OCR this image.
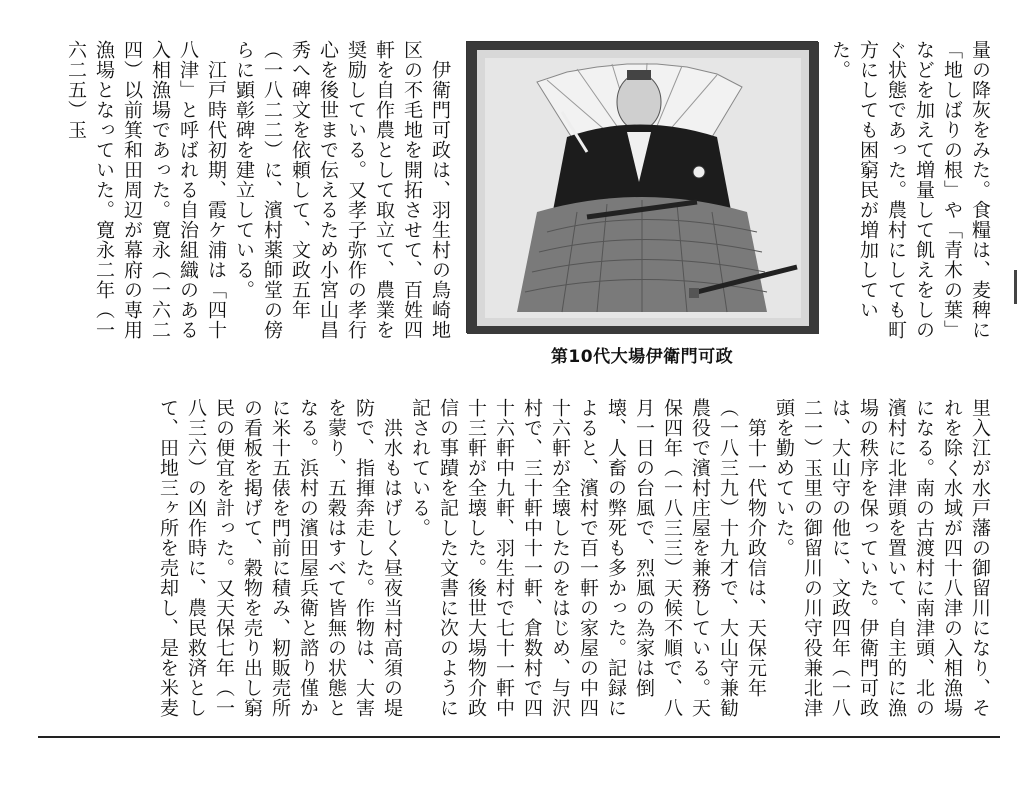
量の降灰をみた。食糧は、麦稗に「地しばりの根」や「青木の葉」などを加えて増量して飢えをしのぐ状態であった。農村にしても町方にしても困窮民が増加していた。
第10代大場伊衛門可政
　伊衛門可政は、羽生村の鳥崎地区の不毛地を開拓させて、百姓四軒を自作農として取立て、農業を奨励している。又孝子弥作の孝行心を後世まで伝えるため小宮山昌秀へ碑文を依頼して、文政五年（一八二二）に、濱村薬師堂の傍らに顕彰碑を建立している。
　江戸時代初期、霞ケ浦は「四十八津」と呼ばれる自治組織のある入相漁場であった。寛永（一六二四）以前箕和田周辺が幕府の専用漁場となっていた。寛永二年（一六二五）玉
里入江が水戸藩の御留川になり、それを除く水域が四十八津の入相漁場になる。南の古渡村に南津頭、北の濱村に北津頭を置いて、自主的に漁場の秩序を保っていた。伊衛門可政は、大山守の他に、文政四年（一八二一）玉里の御留川の川守役兼北津頭を勤めていた。
　第十一代物介政信は、天保元年（一八三九）十九才で、大山守兼勧農役で濱村庄屋を兼務している。天保四年（一八三三）天候不順で、八月一日の台風で、烈風の為家は倒壊、人畜の弊死も多かった。記録によると、濱村で百一軒の家屋の中四十六軒が全壊したのをはじめ、与沢村で、三十軒中十一軒、倉数村で四十六軒中九軒、羽生村で七十一軒中十三軒が全壊した。後世大場物介政信の事蹟を記した文書に次のように記されている。
　洪水もはげしく昼夜当村高須の堤防で、指揮奔走した。作物は、大害を蒙り、五穀はすべて皆無の状態となる。浜村の濱田屋兵衛と諮り僅かに米十五俵を門前に積み、籾販売所の看板を掲げて、穀物を売り出し窮民の便宜を計った。又天保七年（一八三六）の凶作時に、農民救済として、田地三ヶ所を売却し、是を米麦
